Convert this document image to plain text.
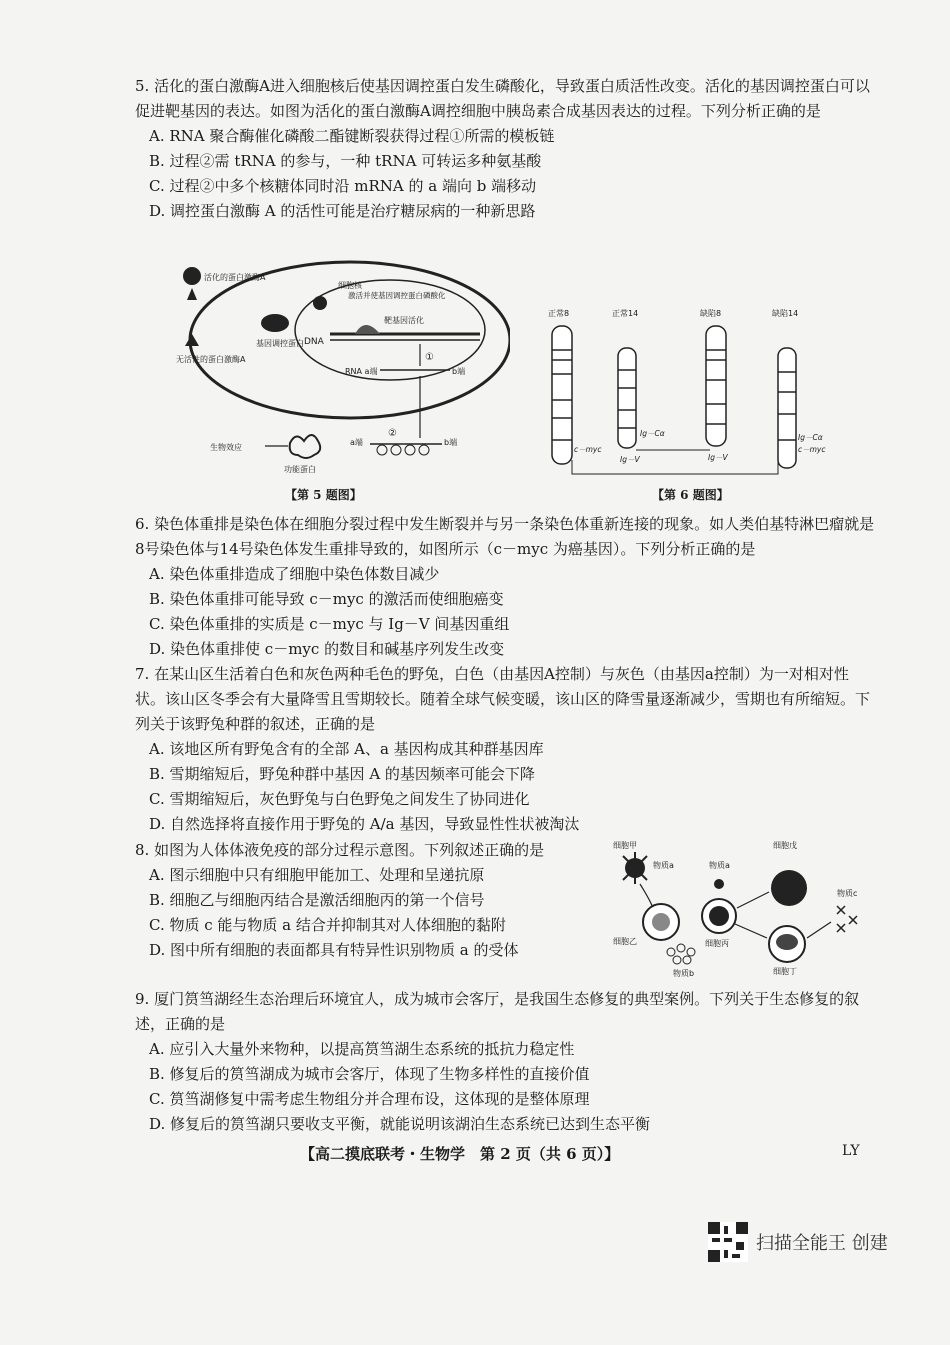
5. 活化的蛋白激酶A进入细胞核后使基因调控蛋白发生磷酸化，导致蛋白质活性改变。活化的基因调控蛋白可以促进靶基因的表达。如图为活化的蛋白激酶A调控细胞中胰岛素合成基因表达的过程。下列分析正确的是

A. RNA 聚合酶催化磷酸二酯键断裂获得过程①所需的模板链

B. 过程②需 tRNA 的参与，一种 tRNA 可转运多种氨基酸

C. 过程②中多个核糖体同时沿 mRNA 的 a 端向 b 端移动

D. 调控蛋白激酶 A 的活性可能是治疗糖尿病的一种新思路

活化的蛋白激酶A
无活性的蛋白激酶A
基因调控蛋白
细胞核
激活并使基因调控蛋白磷酸化
靶基因活化
DNA
①
RNA a端	b端
②
a端	b端
生物效应
功能蛋白
【第 5 题图】
正常8	正常14	缺陷8	缺陷14
c－myc
Ig－Cα
Ig－V	Ig－V
Ig－Cα
c－myc
【第 6 题图】

6. 染色体重排是染色体在细胞分裂过程中发生断裂并与另一条染色体重新连接的现象。如人类伯基特淋巴瘤就是8号染色体与14号染色体发生重排导致的，如图所示（c－myc 为癌基因）。下列分析正确的是

A. 染色体重排造成了细胞中染色体数目减少

B. 染色体重排可能导致 c－myc 的激活而使细胞癌变

C. 染色体重排的实质是 c－myc 与 Ig－V 间基因重组

D. 染色体重排使 c－myc 的数目和碱基序列发生改变

7. 在某山区生活着白色和灰色两种毛色的野兔，白色（由基因A控制）与灰色（由基因a控制）为一对相对性状。该山区冬季会有大量降雪且雪期较长。随着全球气候变暖，该山区的降雪量逐渐减少，雪期也有所缩短。下列关于该野兔种群的叙述，正确的是

A. 该地区所有野兔含有的全部 A、a 基因构成其种群基因库

B. 雪期缩短后，野兔种群中基因 A 的基因频率可能会下降

C. 雪期缩短后，灰色野兔与白色野兔之间发生了协同进化

D. 自然选择将直接作用于野兔的 A/a 基因，导致显性性状被淘汰

8. 如图为人体体液免疫的部分过程示意图。下列叙述正确的是

A. 图示细胞中只有细胞甲能加工、处理和呈递抗原

B. 细胞乙与细胞丙结合是激活细胞丙的第一个信号

C. 物质 c 能与物质 a 结合并抑制其对人体细胞的黏附

D. 图中所有细胞的表面都具有特异性识别物质 a 的受体

细胞甲
物质a	物质a
细胞乙	细胞丙
物质b
细胞戊
细胞丁
物质c

9. 厦门筼筜湖经生态治理后环境宜人，成为城市会客厅，是我国生态修复的典型案例。下列关于生态修复的叙述，正确的是

A. 应引入大量外来物种，以提高筼筜湖生态系统的抵抗力稳定性

B. 修复后的筼筜湖成为城市会客厅，体现了生物多样性的直接价值

C. 筼筜湖修复中需考虑生物组分并合理布设，这体现的是整体原理

D. 修复后的筼筜湖只要收支平衡，就能说明该湖泊生态系统已达到生态平衡

【高二摸底联考・生物学　第 2 页（共 6 页）】	LY
扫描全能王 创建
